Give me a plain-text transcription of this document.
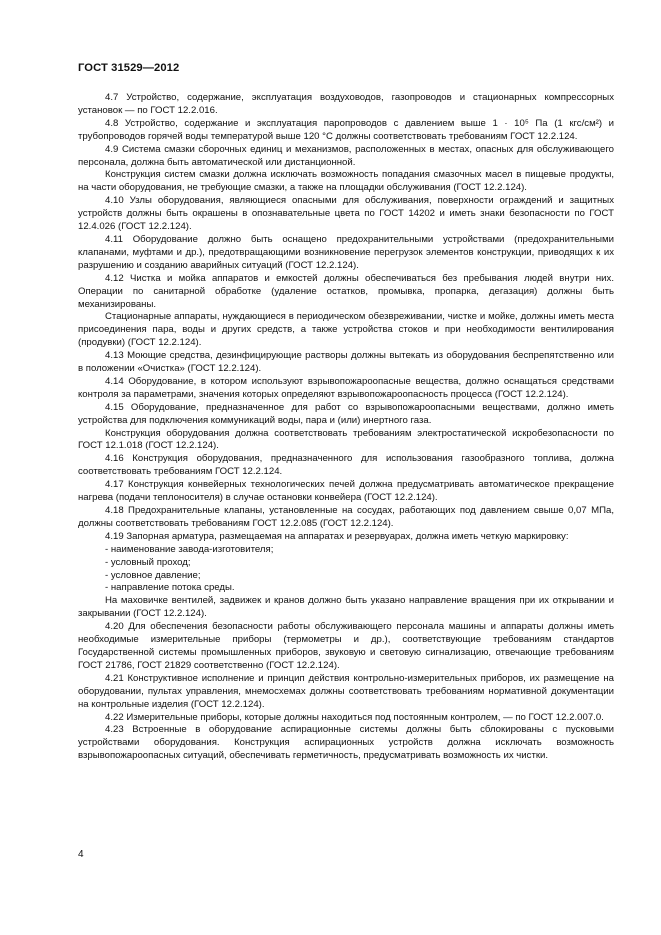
ГОСТ 31529—2012

4.7 Устройство, содержание, эксплуатация воздуховодов, газопроводов и стационарных компрессорных установок — по ГОСТ 12.2.016.

4.8 Устройство, содержание и эксплуатация паропроводов с давлением выше 1 · 10⁵ Па (1 кгс/см²) и трубопроводов горячей воды температурой выше 120 °С должны соответствовать требованиям ГОСТ 12.2.124.

4.9 Система смазки сборочных единиц и механизмов, расположенных в местах, опасных для обслуживающего персонала, должна быть автоматической или дистанционной.

Конструкция систем смазки должна исключать возможность попадания смазочных масел в пищевые продукты, на части оборудования, не требующие смазки, а также на площадки обслуживания (ГОСТ 12.2.124).

4.10 Узлы оборудования, являющиеся опасными для обслуживания, поверхности ограждений и защитных устройств должны быть окрашены в опознавательные цвета по ГОСТ 14202 и иметь знаки безопасности по ГОСТ 12.4.026 (ГОСТ 12.2.124).

4.11 Оборудование должно быть оснащено предохранительными устройствами (предохранительными клапанами, муфтами и др.), предотвращающими возникновение перегрузок элементов конструкции, приводящих к их разрушению и созданию аварийных ситуаций (ГОСТ 12.2.124).

4.12 Чистка и мойка аппаратов и емкостей должны обеспечиваться без пребывания людей внутри них. Операции по санитарной обработке (удаление остатков, промывка, пропарка, дегазация) должны быть механизированы.

Стационарные аппараты, нуждающиеся в периодическом обезвреживании, чистке и мойке, должны иметь места присоединения пара, воды и других средств, а также устройства стоков и при необходимости вентилирования (продувки) (ГОСТ 12.2.124).

4.13 Моющие средства, дезинфицирующие растворы должны вытекать из оборудования беспрепятственно или в положении «Очистка» (ГОСТ 12.2.124).

4.14 Оборудование, в котором используют взрывопожароопасные вещества, должно оснащаться средствами контроля за параметрами, значения которых определяют взрывопожароопасность процесса (ГОСТ 12.2.124).

4.15 Оборудование, предназначенное для работ со взрывопожароопасными веществами, должно иметь устройства для подключения коммуникаций воды, пара и (или) инертного газа.

Конструкция оборудования должна соответствовать требованиям электростатической искробезопасности по ГОСТ 12.1.018 (ГОСТ 12.2.124).

4.16 Конструкция оборудования, предназначенного для использования газообразного топлива, должна соответствовать требованиям ГОСТ 12.2.124.

4.17 Конструкция конвейерных технологических печей должна предусматривать автоматическое прекращение нагрева (подачи теплоносителя) в случае остановки конвейера (ГОСТ 12.2.124).

4.18 Предохранительные клапаны, установленные на сосудах, работающих под давлением свыше 0,07 МПа, должны соответствовать требованиям ГОСТ 12.2.085 (ГОСТ 12.2.124).

4.19 Запорная арматура, размещаемая на аппаратах и резервуарах, должна иметь четкую маркировку:

- наименование завода-изготовителя;

- условный проход;

- условное давление;

- направление потока среды.

На маховичке вентилей, задвижек и кранов должно быть указано направление вращения при их открывании и закрывании (ГОСТ 12.2.124).

4.20 Для обеспечения безопасности работы обслуживающего персонала машины и аппараты должны иметь необходимые измерительные приборы (термометры и др.), соответствующие требованиям стандартов Государственной системы промышленных приборов, звуковую и световую сигнализацию, отвечающие требованиям ГОСТ 21786, ГОСТ 21829 соответственно (ГОСТ 12.2.124).

4.21 Конструктивное исполнение и принцип действия контрольно-измерительных приборов, их размещение на оборудовании, пультах управления, мнемосхемах должны соответствовать требованиям нормативной документации на контрольные изделия (ГОСТ 12.2.124).

4.22 Измерительные приборы, которые должны находиться под постоянным контролем, — по ГОСТ 12.2.007.0.

4.23 Встроенные в оборудование аспирационные системы должны быть сблокированы с пусковыми устройствами оборудования. Конструкция аспирационных устройств должна исключать возможность взрывопожароопасных ситуаций, обеспечивать герметичность, предусматривать возможность их чистки.

4
